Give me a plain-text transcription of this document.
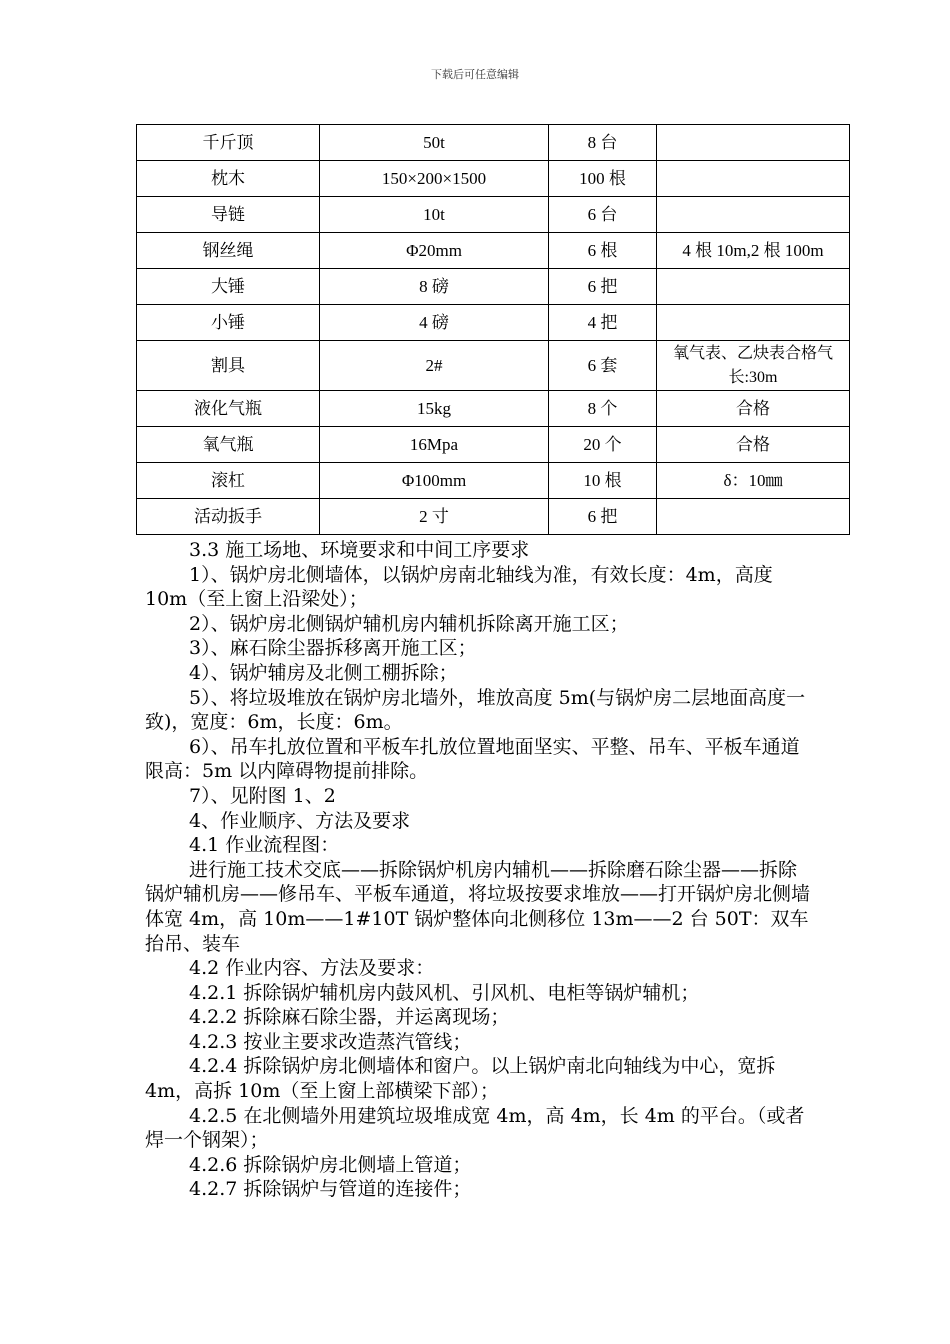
下载后可任意编辑
千斤顶	50t	8 台	
枕木	150×200×1500	100 根	
导链	10t	6 台	
钢丝绳	Φ20mm	6 根	4 根 10m,2 根 100m
大锤	8 磅	6 把	
小锤	4 磅	4 把	
割具	2#	6 套	氧气表、乙炔表合格气长:30m
液化气瓶	15kg	8 个	合格
氧气瓶	16Mpa	20 个	合格
滚杠	Φ100mm	10 根	δ：10㎜
活动扳手	2 寸	6 把	

3.3 施工场地、环境要求和中间工序要求

1）、锅炉房北侧墙体，以锅炉房南北轴线为准，有效长度：4m，高度 10m（至上窗上沿梁处）；

2）、锅炉房北侧锅炉辅机房内辅机拆除离开施工区；

3）、麻石除尘器拆移离开施工区；

4）、锅炉辅房及北侧工棚拆除；

5）、将垃圾堆放在锅炉房北墙外，堆放高度 5m(与锅炉房二层地面高度一致)，宽度：6m，长度：6m。

6）、吊车扎放位置和平板车扎放位置地面坚实、平整、吊车、平板车通道限高：5m 以内障碍物提前排除。

7）、见附图 1、2

4、作业顺序、方法及要求

4.1 作业流程图：

进行施工技术交底——拆除锅炉机房内辅机——拆除磨石除尘器——拆除锅炉辅机房——修吊车、平板车通道，将垃圾按要求堆放——打开锅炉房北侧墙体宽 4m，高 10m——1#10T 锅炉整体向北侧移位 13m——2 台 50T：双车抬吊、装车

4.2 作业内容、方法及要求：

4.2.1 拆除锅炉辅机房内鼓风机、引风机、电柜等锅炉辅机；

4.2.2 拆除麻石除尘器，并运离现场；

4.2.3 按业主要求改造蒸汽管线；

4.2.4 拆除锅炉房北侧墙体和窗户。以上锅炉南北向轴线为中心，宽拆 4m，高拆 10m（至上窗上部横梁下部）；

4.2.5 在北侧墙外用建筑垃圾堆成宽 4m，高 4m，长 4m 的平台。（或者焊一个钢架）；

4.2.6 拆除锅炉房北侧墙上管道；

4.2.7 拆除锅炉与管道的连接件；
